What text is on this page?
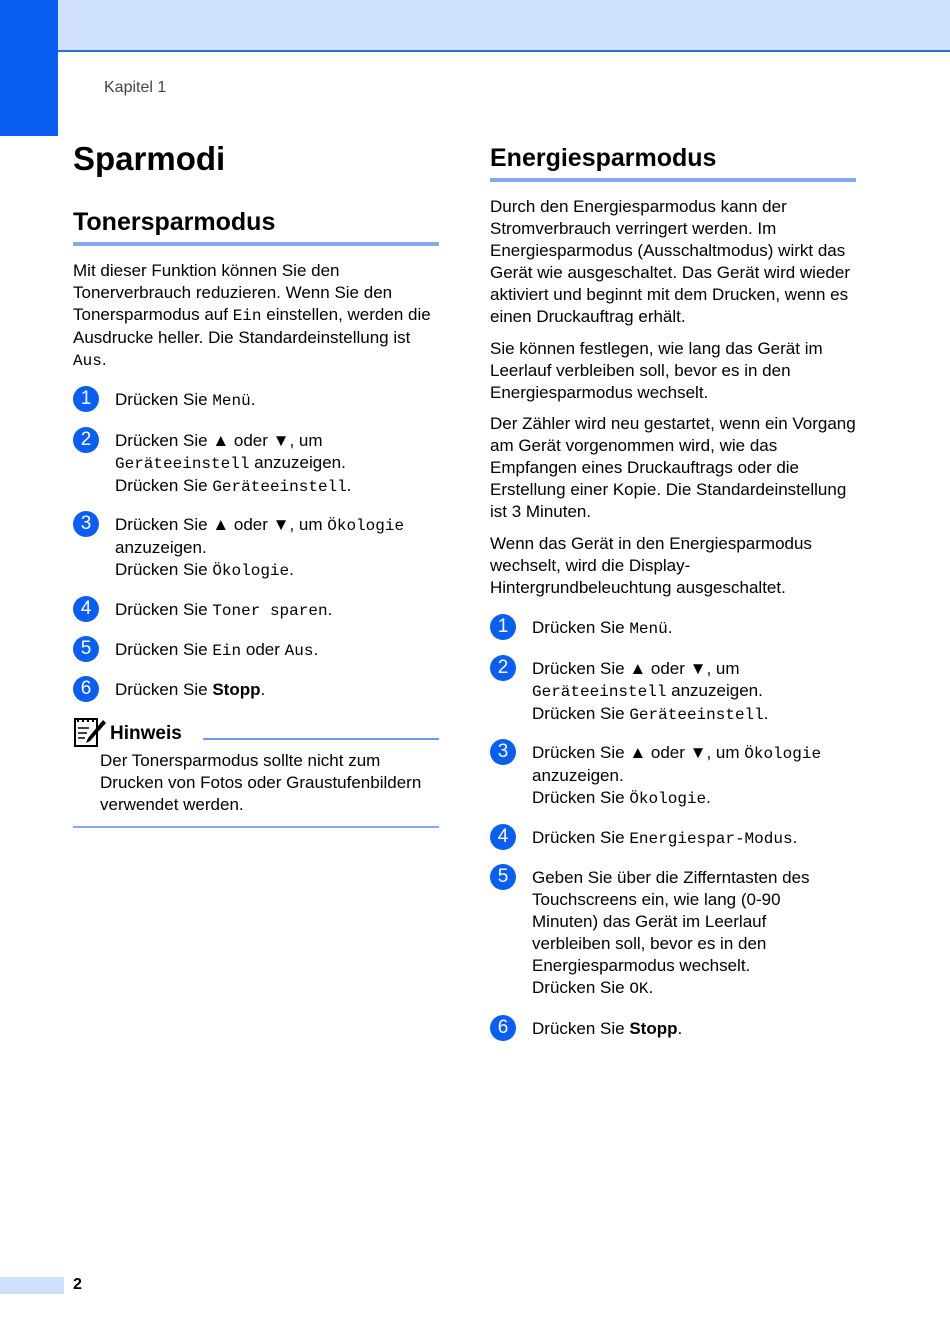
Kapitel 1
Sparmodi
Tonersparmodus

Mit dieser Funktion können Sie den Tonerverbrauch reduzieren. Wenn Sie den Tonersparmodus auf Ein einstellen, werden die Ausdrucke heller. Die Standardeinstellung ist Aus.

1	Drücken Sie Menü.
2	Drücken Sie ▲ oder ▼, um
Geräteeinstell anzuzeigen.
Drücken Sie Geräteeinstell.
3	Drücken Sie ▲ oder ▼, um Ökologie
anzuzeigen.
Drücken Sie Ökologie.
4	Drücken Sie Toner sparen.
5	Drücken Sie Ein oder Aus.
6	Drücken Sie Stopp.
Hinweis

Der Tonersparmodus sollte nicht zum Drucken von Fotos oder Graustufenbildern verwendet werden.

Energiesparmodus

Durch den Energiesparmodus kann der Stromverbrauch verringert werden. Im Energiesparmodus (Ausschaltmodus) wirkt das Gerät wie ausgeschaltet. Das Gerät wird wieder aktiviert und beginnt mit dem Drucken, wenn es einen Druckauftrag erhält.

Sie können festlegen, wie lang das Gerät im Leerlauf verbleiben soll, bevor es in den Energiesparmodus wechselt.

Der Zähler wird neu gestartet, wenn ein Vorgang am Gerät vorgenommen wird, wie das Empfangen eines Druckauftrags oder die Erstellung einer Kopie. Die Standardeinstellung ist 3 Minuten.

Wenn das Gerät in den Energiesparmodus wechselt, wird die Display-Hintergrundbeleuchtung ausgeschaltet.

1	Drücken Sie Menü.
2	Drücken Sie ▲ oder ▼, um
Geräteeinstell anzuzeigen.
Drücken Sie Geräteeinstell.
3	Drücken Sie ▲ oder ▼, um Ökologie
anzuzeigen.
Drücken Sie Ökologie.
4	Drücken Sie Energiespar-Modus.
5	Geben Sie über die Zifferntasten des Touchscreens ein, wie lang (0-90 Minuten) das Gerät im Leerlauf verbleiben soll, bevor es in den Energiesparmodus wechselt.
Drücken Sie OK.
6	Drücken Sie Stopp.
2
